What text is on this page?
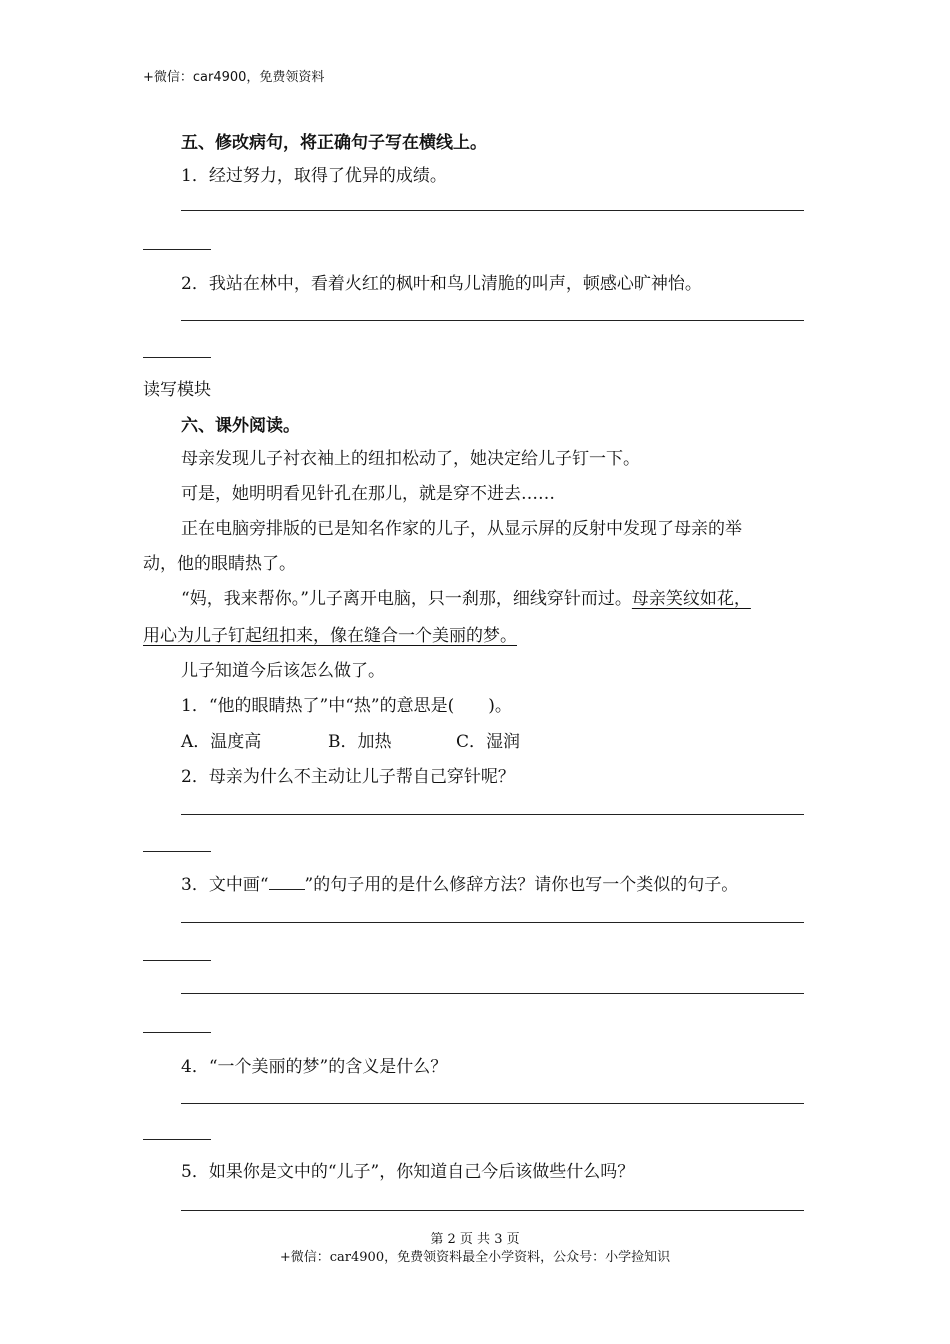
+微信：car4900，免费领资料
五、修改病句，将正确句子写在横线上。
1．经过努力，取得了优异的成绩。
2．我站在林中，看着火红的枫叶和鸟儿清脆的叫声，顿感心旷神怡。
读写模块
六、课外阅读。
母亲发现儿子衬衣袖上的纽扣松动了，她决定给儿子钉一下。
可是，她明明看见针孔在那儿，就是穿不进去……
正在电脑旁排版的已是知名作家的儿子，从显示屏的反射中发现了母亲的举
动，他的眼睛热了。
“妈，我来帮你。”儿子离开电脑，只一刹那，细线穿针而过。母亲笑纹如花，
用心为儿子钉起纽扣来，像在缝合一个美丽的梦。
儿子知道今后该怎么做了。
1．“他的眼睛热了”中“热”的意思是(　　)。
A．温度高	B．加热	C．湿润
2．母亲为什么不主动让儿子帮自己穿针呢？
3．文中画“ ”的句子用的是什么修辞方法？请你也写一个类似的句子。
4．“一个美丽的梦”的含义是什么？
5．如果你是文中的“儿子”，你知道自己今后该做些什么吗？
第 2 页 共 3 页
+微信：car4900，免费领资料最全小学资料，公众号：小学捡知识
